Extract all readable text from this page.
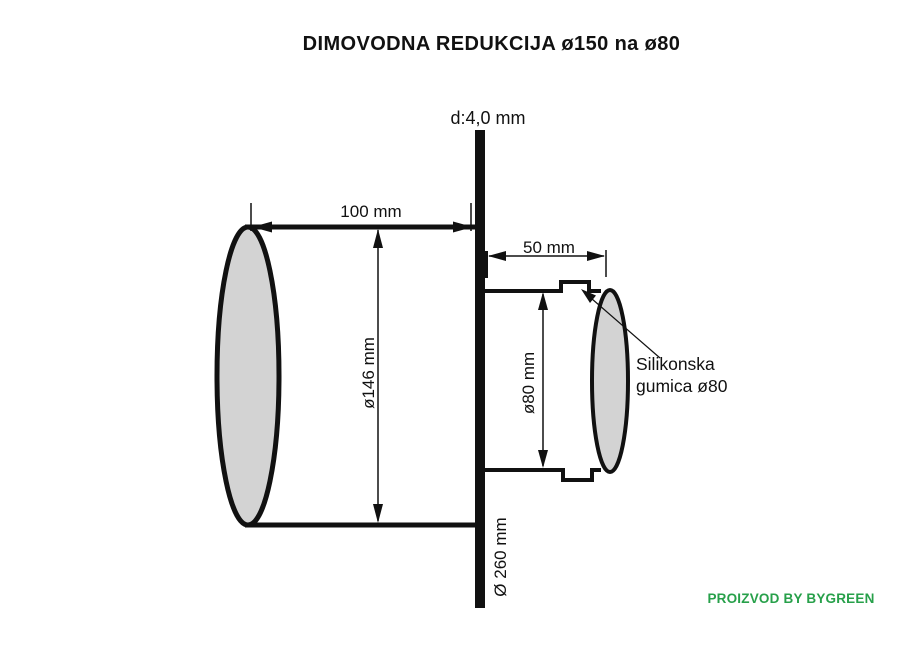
DIMOVODNA REDUKCIJA ø150 na ø80
d:4,0 mm
100 mm
50 mm
ø146 mm	ø80 mm
Ø 260 mm
Silikonska
gumica ø80
PROIZVOD BY BYGREEN
